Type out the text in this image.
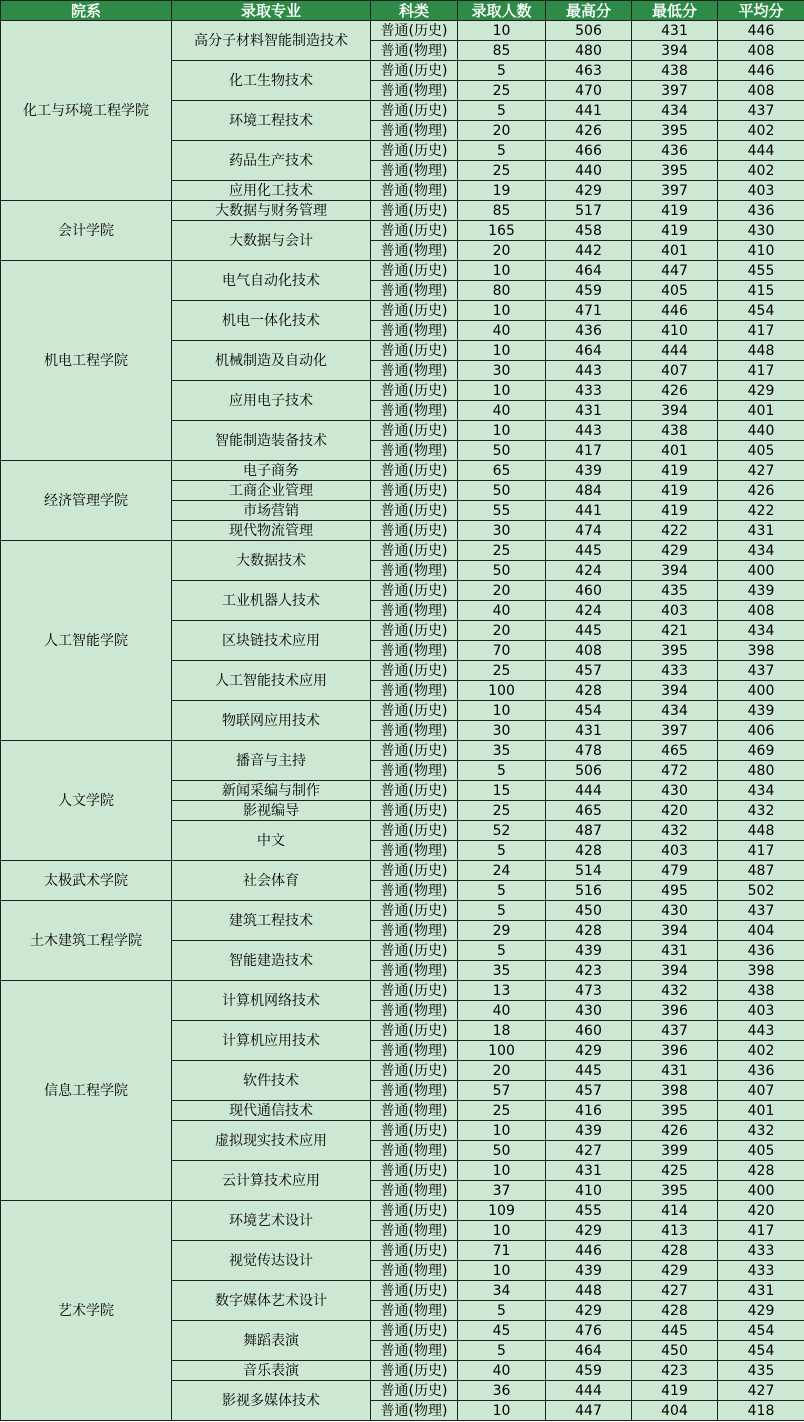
院系	录取专业	科类	录取人数	最高分	最低分	平均分
化工与环境工程学院	高分子材料智能制造技术	普通(历史)	10	506	431	446
		普通(物理)	85	480	394	408
	化工生物技术	普通(历史)	5	463	438	446
		普通(物理)	25	470	397	408
	环境工程技术	普通(历史)	5	441	434	437
		普通(物理)	20	426	395	402
	药品生产技术	普通(历史)	5	466	436	444
		普通(物理)	25	440	395	402
	应用化工技术	普通(物理)	19	429	397	403
会计学院	大数据与财务管理	普通(历史)	85	517	419	436
	大数据与会计	普通(历史)	165	458	419	430
		普通(物理)	20	442	401	410
机电工程学院	电气自动化技术	普通(历史)	10	464	447	455
		普通(物理)	80	459	405	415
	机电一体化技术	普通(历史)	10	471	446	454
		普通(物理)	40	436	410	417
	机械制造及自动化	普通(历史)	10	464	444	448
		普通(物理)	30	443	407	417
	应用电子技术	普通(历史)	10	433	426	429
		普通(物理)	40	431	394	401
	智能制造装备技术	普通(历史)	10	443	438	440
		普通(物理)	50	417	401	405
经济管理学院	电子商务	普通(历史)	65	439	419	427
	工商企业管理	普通(历史)	50	484	419	426
	市场营销	普通(历史)	55	441	419	422
	现代物流管理	普通(历史)	30	474	422	431
人工智能学院	大数据技术	普通(历史)	25	445	429	434
		普通(物理)	50	424	394	400
	工业机器人技术	普通(历史)	20	460	435	439
		普通(物理)	40	424	403	408
	区块链技术应用	普通(历史)	20	445	421	434
		普通(物理)	70	408	395	398
	人工智能技术应用	普通(历史)	25	457	433	437
		普通(物理)	100	428	394	400
	物联网应用技术	普通(历史)	10	454	434	439
		普通(物理)	30	431	397	406
人文学院	播音与主持	普通(历史)	35	478	465	469
		普通(物理)	5	506	472	480
	新闻采编与制作	普通(历史)	15	444	430	434
	影视编导	普通(历史)	25	465	420	432
	中文	普通(历史)	52	487	432	448
		普通(物理)	5	428	403	417
太极武术学院	社会体育	普通(历史)	24	514	479	487
		普通(物理)	5	516	495	502
土木建筑工程学院	建筑工程技术	普通(历史)	5	450	430	437
		普通(物理)	29	428	394	404
	智能建造技术	普通(历史)	5	439	431	436
		普通(物理)	35	423	394	398
信息工程学院	计算机网络技术	普通(历史)	13	473	432	438
		普通(物理)	40	430	396	403
	计算机应用技术	普通(历史)	18	460	437	443
		普通(物理)	100	429	396	402
	软件技术	普通(历史)	20	445	431	436
		普通(物理)	57	457	398	407
	现代通信技术	普通(物理)	25	416	395	401
	虚拟现实技术应用	普通(历史)	10	439	426	432
		普通(物理)	50	427	399	405
	云计算技术应用	普通(历史)	10	431	425	428
		普通(物理)	37	410	395	400
艺术学院	环境艺术设计	普通(历史)	109	455	414	420
		普通(物理)	10	429	413	417
	视觉传达设计	普通(历史)	71	446	428	433
		普通(物理)	10	439	429	433
	数字媒体艺术设计	普通(历史)	34	448	427	431
		普通(物理)	5	429	428	429
	舞蹈表演	普通(历史)	45	476	445	454
		普通(物理)	5	464	450	454
	音乐表演	普通(历史)	40	459	423	435
	影视多媒体技术	普通(历史)	36	444	419	427
		普通(物理)	10	447	404	418
